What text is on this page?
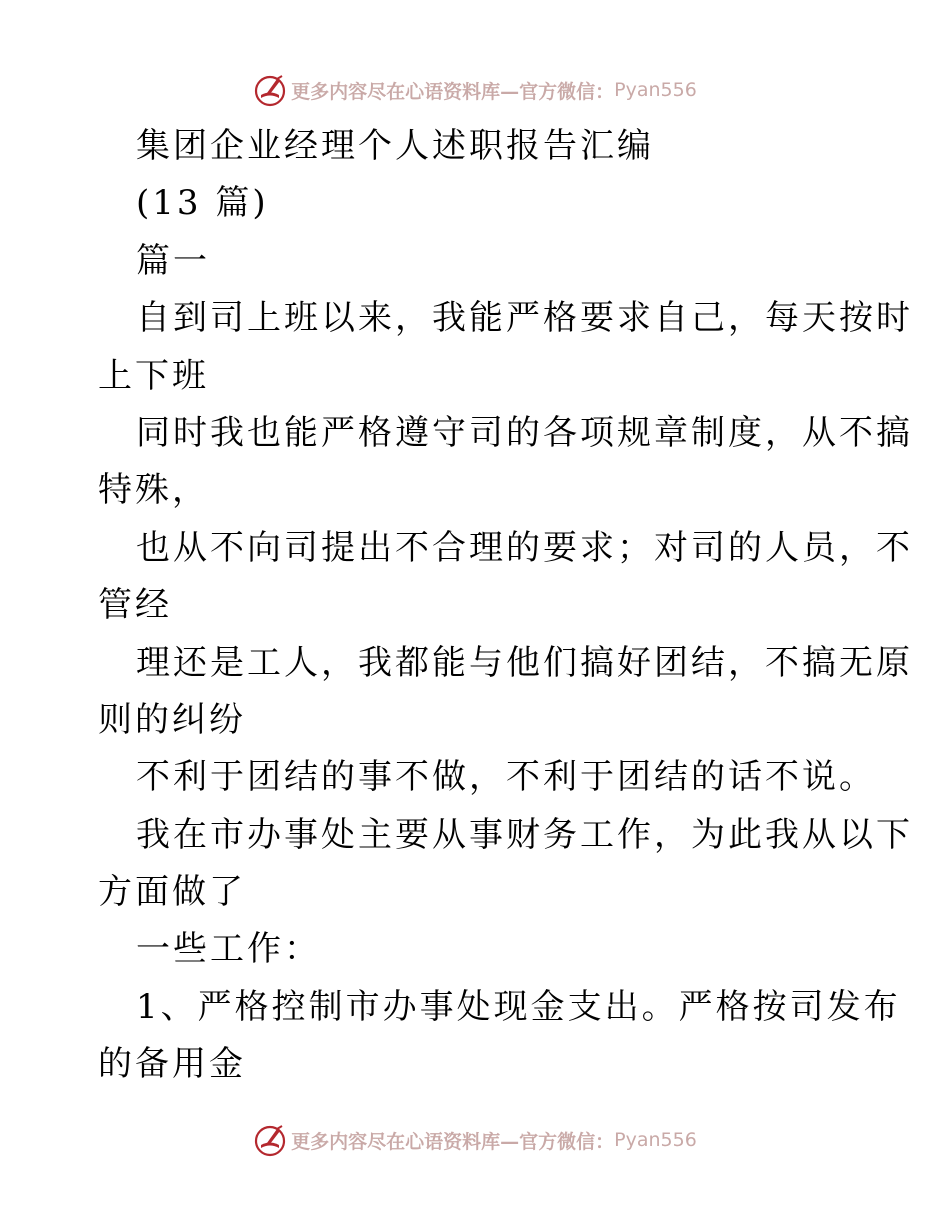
更多内容尽在心语资料库—官方微信： Pyan556
集团企业经理个人述职报告汇编
(13 篇)
篇一
自到司上班以来，我能严格要求自己，每天按时
上下班
同时我也能严格遵守司的各项规章制度，从不搞
特殊，
也从不向司提出不合理的要求；对司的人员，不
管经
理还是工人，我都能与他们搞好团结，不搞无原
则的纠纷
不利于团结的事不做，不利于团结的话不说。
我在市办事处主要从事财务工作，为此我从以下
方面做了
一些工作：
1、严格控制市办事处现金支出。严格按司发布
的备用金
更多内容尽在心语资料库—官方微信： Pyan556
